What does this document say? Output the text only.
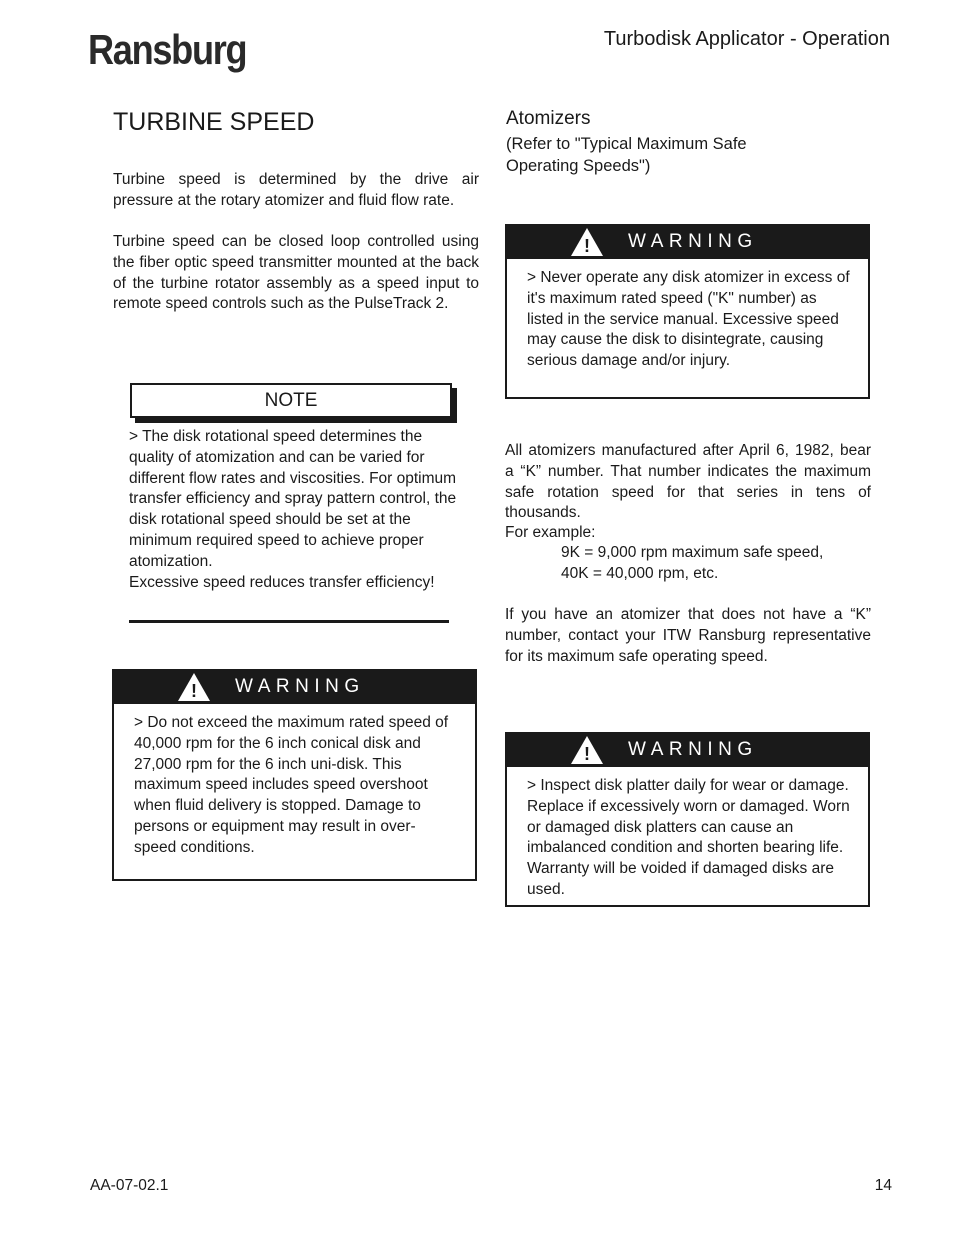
Ransburg	Turbodisk Applicator - Operation
TURBINE SPEED

Turbine speed is determined by the drive air pressure at the rotary atomizer and fluid flow rate.

Turbine speed can be closed loop controlled using the fiber optic speed transmitter mounted at the back of the turbine rotator assembly as a speed input to remote speed controls such as the PulseTrack 2.

NOTE

> The disk rotational speed determines the quality of atomization and can be varied for different flow rates and viscosities. For optimum transfer efficiency and spray pattern control, the disk rotational speed should be set at the minimum required speed to achieve proper atomization.

Excessive speed reduces transfer efficiency!

! WARNING
> Do not exceed the maximum rated speed of 40,000 rpm for the 6 inch conical disk and 27,000 rpm for the 6 inch uni-disk. This maximum speed includes speed overshoot when fluid delivery is stopped. Damage to persons or equipment may result in over-speed conditions.
Atomizers
(Refer to "Typical Maximum Safe Operating Speeds")
! WARNING
> Never operate any disk atomizer in excess of it's maximum rated speed ("K" number) as listed in the service manual. Excessive speed may cause the disk to disintegrate, causing serious damage and/or injury.

All atomizers manufactured after April 6, 1982, bear a “K” number. That number indicates the maximum safe rotation speed for that series in tens of thousands.

For example:

9K = 9,000 rpm maximum safe speed,

40K = 40,000 rpm, etc.

If you have an atomizer that does not have a “K” number, contact your ITW Ransburg representative for its maximum safe operating speed.

! WARNING
> Inspect disk platter daily for wear or damage. Replace if excessively worn or damaged. Worn or damaged disk platters can cause an imbalanced condition and shorten bearing life. Warranty will be voided if damaged disks are used.
AA-07-02.1	14
